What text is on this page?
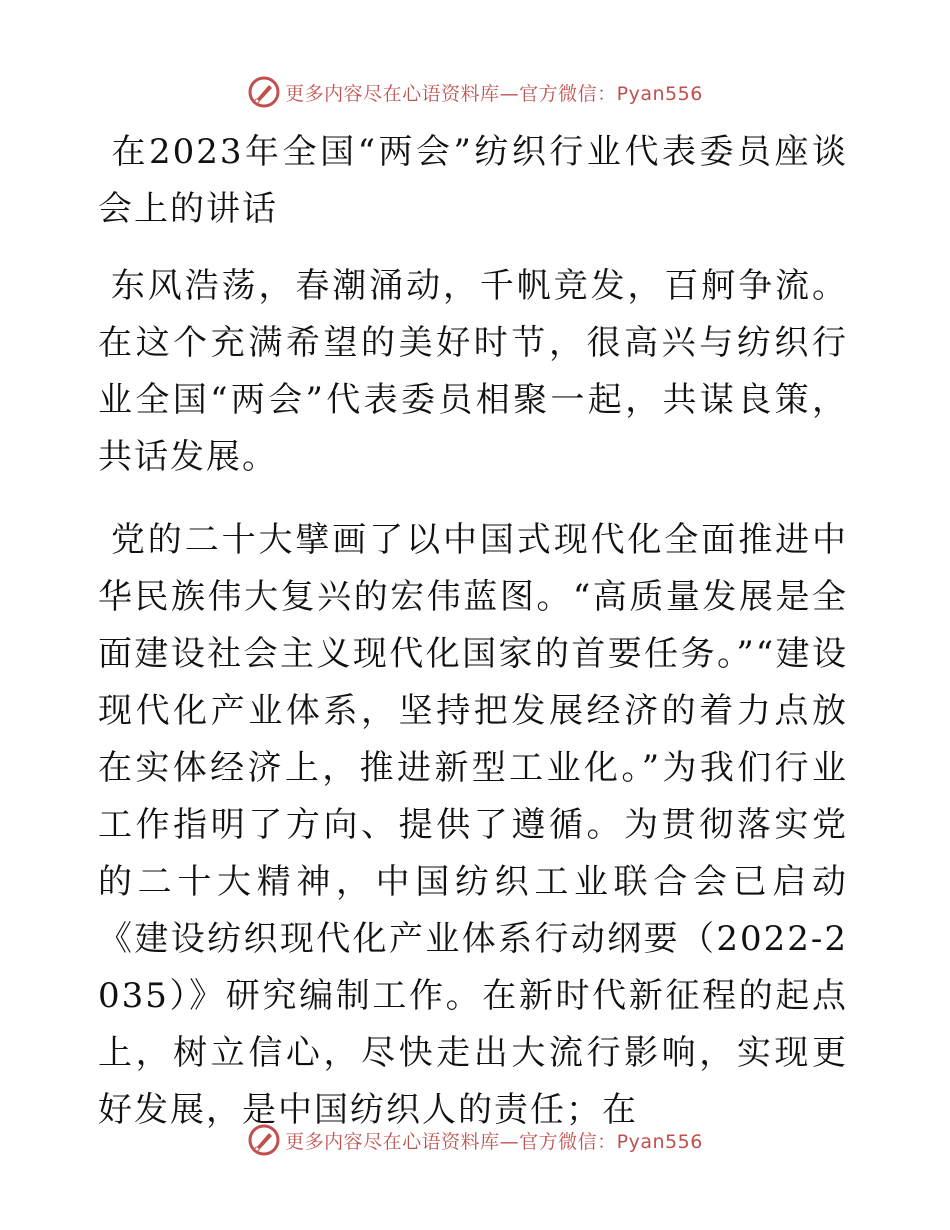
更多内容尽在心语资料库—官方微信：Pyan556

在2023年全国“两会”纺织行业代表委员座谈会上的讲话

东风浩荡，春潮涌动，千帆竞发，百舸争流。在这个充满希望的美好时节，很高兴与纺织行业全国“两会”代表委员相聚一起，共谋良策，共话发展。

党的二十大擘画了以中国式现代化全面推进中华民族伟大复兴的宏伟蓝图。“高质量发展是全面建设社会主义现代化国家的首要任务。”“建设现代化产业体系，坚持把发展经济的着力点放在实体经济上，推进新型工业化。”为我们行业工作指明了方向、提供了遵循。为贯彻落实党的二十大精神，中国纺织工业联合会已启动《建设纺织现代化产业体系行动纲要（2022-2035）》研究编制工作。在新时代新征程的起点上，树立信心，尽快走出大流行影响，实现更好发展，是中国纺织人的责任；在

更多内容尽在心语资料库—官方微信：Pyan556
